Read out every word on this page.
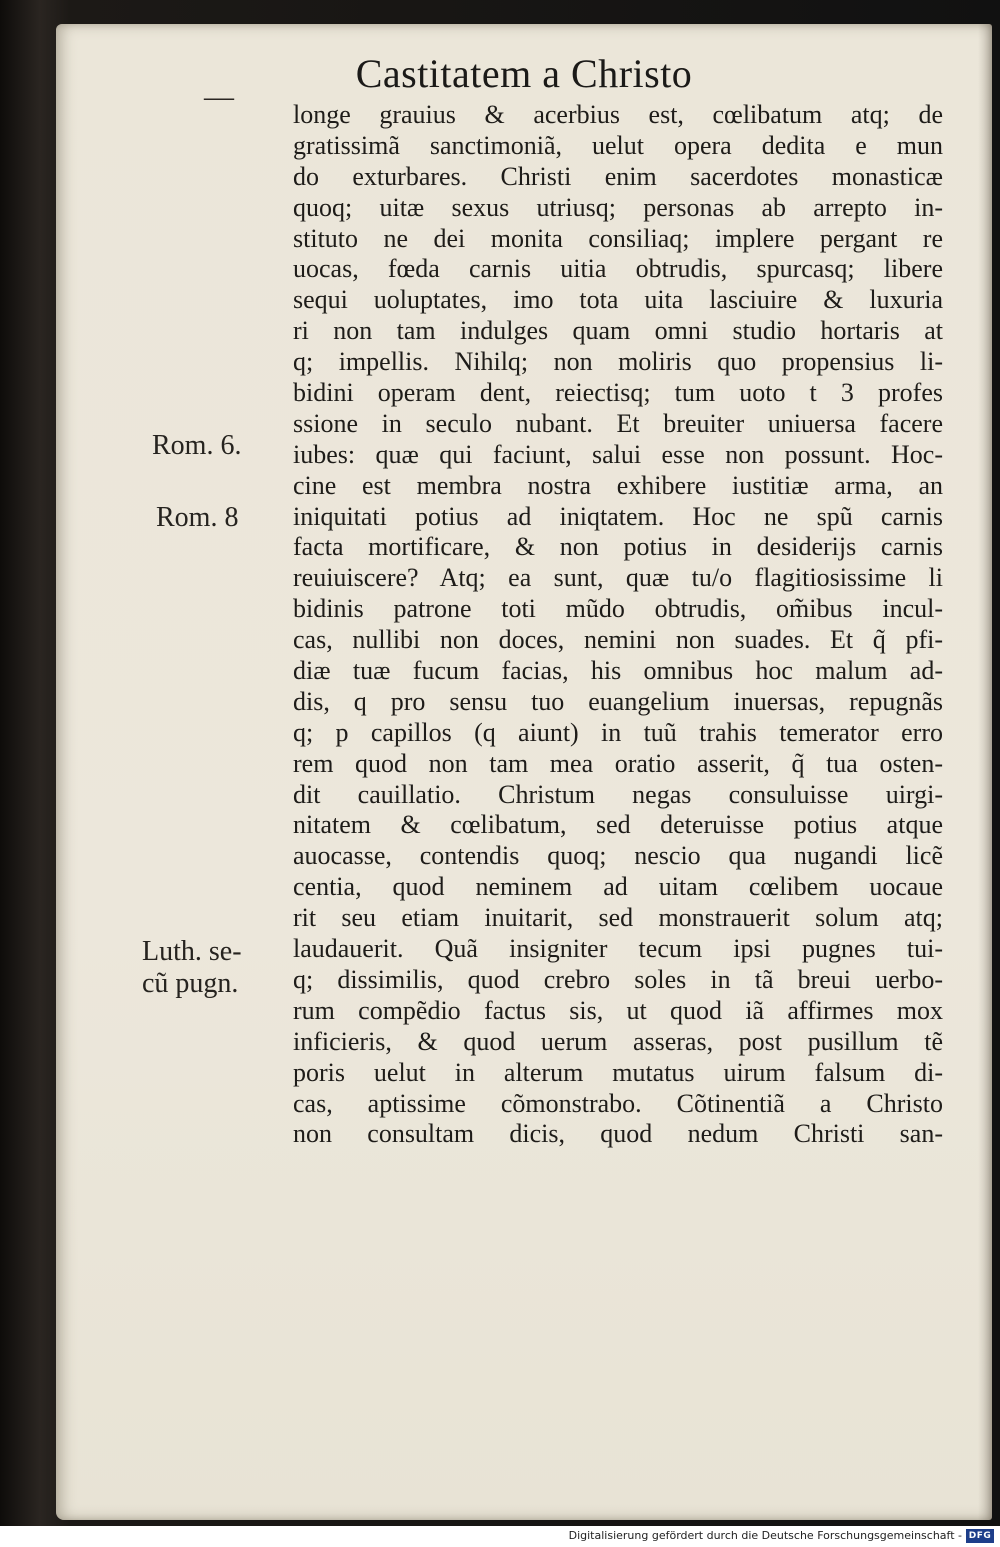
Castitatem a Christo
—
longe grauius & acerbius est, cœlibatum atq; de
gratissimã sanctimoniã, uelut opera dedita e mun
do exturbares. Christi enim sacerdotes monasticæ
quoq; uitæ sexus utriusq; personas ab arrepto in-
stituto ne dei monita consiliaq; implere pergant re
uocas, fœda carnis uitia obtrudis, spurcasq; libere
sequi uoluptates, imo tota uita lasciuire & luxuria
ri non tam indulges quam omni studio hortaris at
q; impellis. Nihilq; non moliris quo propensius li-
bidini operam dent, reiectisq; tum uoto t 3 profes
ssione in seculo nubant. Et breuiter uniuersa facere
iubes: quæ qui faciunt, salui esse non possunt. Hoc-
cine est membra nostra exhibere iustitiæ arma, an
iniquitati potius ad iniqtatem. Hoc ne spũ carnis
facta mortificare, & non potius in desiderijs carnis
reuiuiscere? Atq; ea sunt, quæ tu/o flagitiosissime li
bidinis patrone toti mũdo obtrudis, om̃ibus incul-
cas, nullibi non doces, nemini non suades. Et q̃ pfi-
diæ tuæ fucum facias, his omnibus hoc malum ad-
dis, q pro sensu tuo euangelium inuersas, repugnãs
q; p capillos (q aiunt) in tuũ trahis temerator erro
rem quod non tam mea oratio asserit, q̃ tua osten-
dit cauillatio. Christum negas consuluisse uirgi-
nitatem & cœlibatum, sed deteruisse potius atque
auocasse, contendis quoq; nescio qua nugandi licẽ
centia, quod neminem ad uitam cœlibem uocaue
rit seu etiam inuitarit, sed monstrauerit solum atq;
laudauerit. Quã insigniter tecum ipsi pugnes tui-
q; dissimilis, quod crebro soles in tã breui uerbo-
rum compẽdio factus sis, ut quod iã affirmes mox
inficieris, & quod uerum asseras, post pusillum tẽ
poris uelut in alterum mutatus uirum falsum di-
cas, aptissime cõmonstrabo. Cõtinentiã a Christo
non consultam dicis, quod nedum Christi san-
Rom. 6.
Rom. 8
Luth. se-
cũ pugn.
Digitalisierung gefördert durch die Deutsche Forschungsgemeinschaft - DFG
